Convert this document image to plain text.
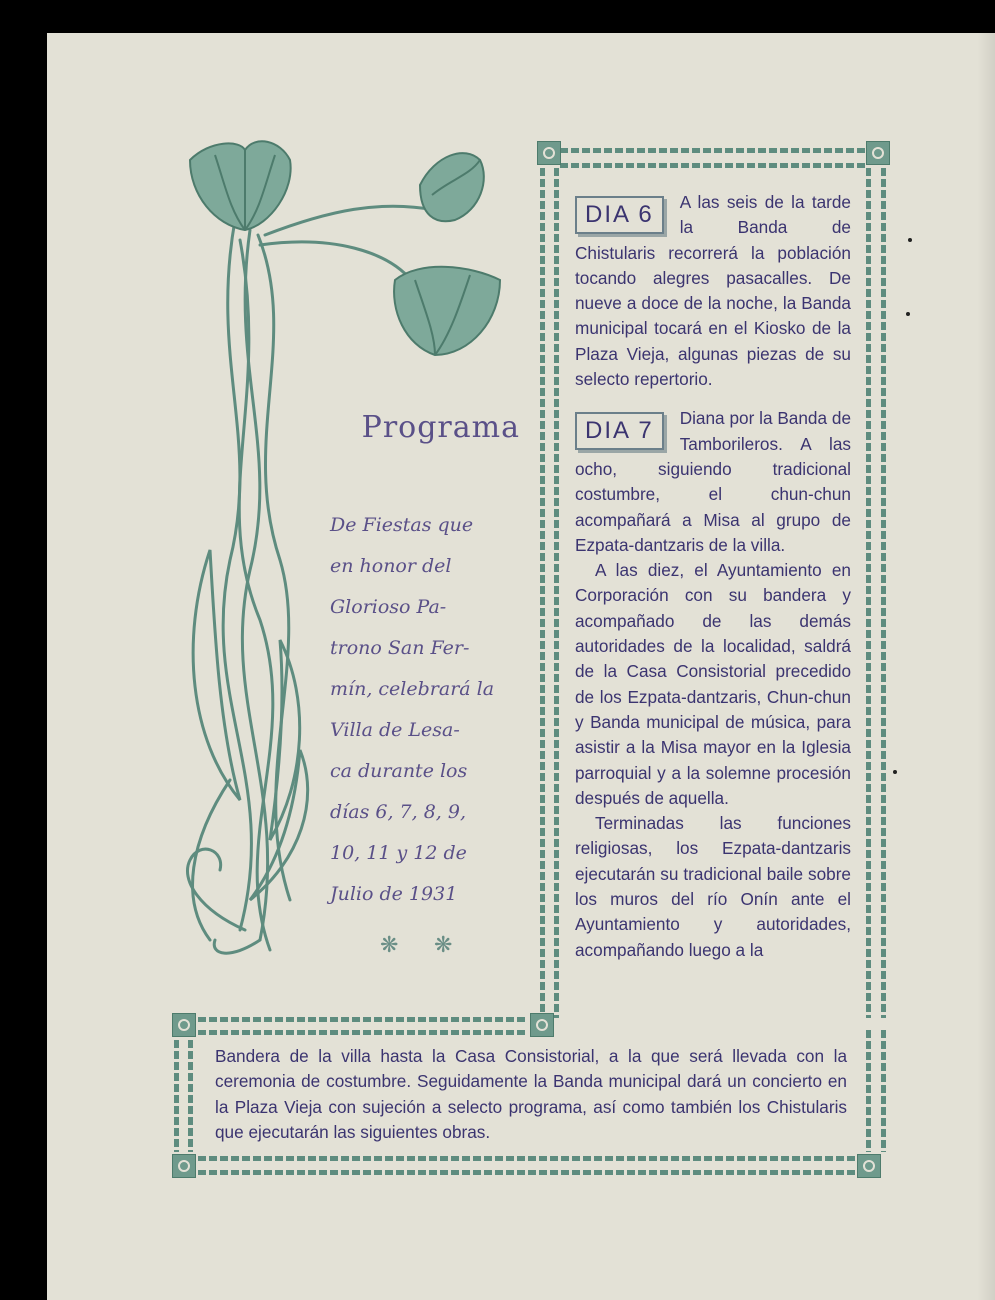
Programa
De Fiestas que
en honor del
Glorioso Pa-
trono San Fer-
mín, celebrará la
Villa de Lesa-
ca durante los
días 6, 7, 8, 9,
10, 11 y 12 de
Julio de 1931
❋ ❋
DIA 6	A las seis de la tarde la Banda de Chistularis recorrerá la población tocando alegres pasacalles. De nueve a doce de la noche, la Banda municipal tocará en el Kiosko de la Plaza Vieja, algunas piezas de su selecto repertorio.

DIA 7	Diana por la Banda de Tamborileros. A las ocho, siguiendo tradicional costumbre, el chun-chun acompañará a Misa al grupo de Ezpata-dantzaris de la villa.

A las diez, el Ayuntamiento en Corporación con su bandera y acompañado de las demás autoridades de la localidad, saldrá de la Casa Consistorial precedido de los Ezpata-dantzaris, Chun-chun y Banda municipal de música, para asistir a la Misa mayor en la Iglesia parroquial y a la solemne procesión después de aquella.

Terminadas las funciones religiosas, los Ezpata-dantzaris ejecutarán su tradicional baile sobre los muros del río Onín ante el Ayuntamiento y autoridades, acompañando luego a la

Bandera de la villa hasta la Casa Consistorial, a la que será llevada con la ceremonia de costumbre. Seguidamente la Banda municipal dará un concierto en la Plaza Vieja con sujeción a selecto programa, así como también los Chistularis que ejecutarán las siguientes obras.
